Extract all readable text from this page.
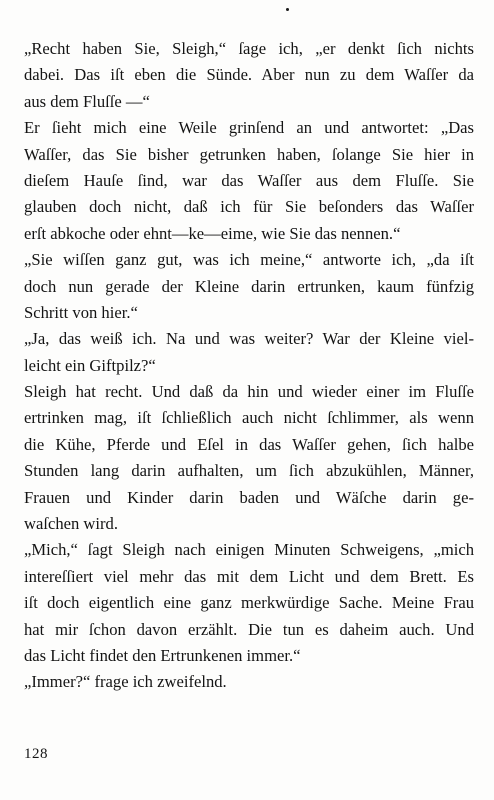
„Recht haben Sie, Sleigh,“ ſage ich, „er denkt ſich nichts
dabei. Das iſt eben die Sünde. Aber nun zu dem Waſſer da
aus dem Fluſſe —“
Er ſieht mich eine Weile grinſend an und antwortet: „Das
Waſſer, das Sie bisher getrunken haben, ſolange Sie hier in
dieſem Hauſe ſind, war das Waſſer aus dem Fluſſe. Sie
glauben doch nicht, daß ich für Sie beſonders das Waſſer
erſt abkoche oder ehnt—ke—eime, wie Sie das nennen.“
„Sie wiſſen ganz gut, was ich meine,“ antworte ich, „da iſt
doch nun gerade der Kleine darin ertrunken, kaum fünfzig
Schritt von hier.“
„Ja, das weiß ich. Na und was weiter? War der Kleine viel-
leicht ein Giftpilz?“
Sleigh hat recht. Und daß da hin und wieder einer im Fluſſe
ertrinken mag, iſt ſchließlich auch nicht ſchlimmer, als wenn
die Kühe, Pferde und Eſel in das Waſſer gehen, ſich halbe
Stunden lang darin aufhalten, um ſich abzukühlen, Männer,
Frauen und Kinder darin baden und Wäſche darin ge-
waſchen wird.
„Mich,“ ſagt Sleigh nach einigen Minuten Schweigens, „mich
intereſſiert viel mehr das mit dem Licht und dem Brett. Es
iſt doch eigentlich eine ganz merkwürdige Sache. Meine Frau
hat mir ſchon davon erzählt. Die tun es daheim auch. Und
das Licht findet den Ertrunkenen immer.“
„Immer?“ frage ich zweifelnd.
128
